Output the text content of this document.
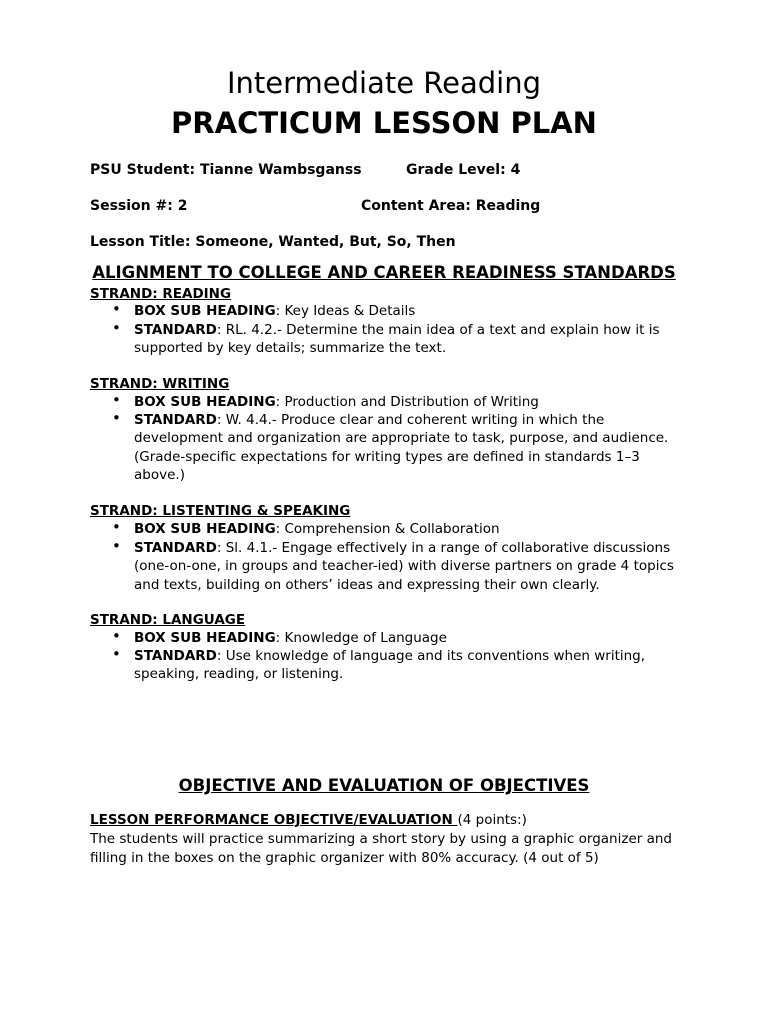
Intermediate Reading
PRACTICUM LESSON PLAN
PSU Student: Tianne Wambsganss	Grade Level: 4
Session #: 2	Content Area: Reading
Lesson Title: Someone, Wanted, But, So, Then
ALIGNMENT TO COLLEGE AND CAREER READINESS STANDARDS
STRAND: READING
• BOX SUB HEADING: Key Ideas & Details
• STANDARD: RL. 4.2.- Determine the main idea of a text and explain how it is supported by key details; summarize the text.
STRAND: WRITING
• BOX SUB HEADING: Production and Distribution of Writing
• STANDARD: W. 4.4.- Produce clear and coherent writing in which the development and organization are appropriate to task, purpose, and audience. (Grade-specific expectations for writing types are defined in standards 1–3 above.)
STRAND: LISTENTING & SPEAKING
• BOX SUB HEADING: Comprehension & Collaboration
• STANDARD: Sl. 4.1.- Engage effectively in a range of collaborative discussions (one-on-one, in groups and teacher-ied) with diverse partners on grade 4 topics and texts, building on others’ ideas and expressing their own clearly.
STRAND: LANGUAGE
• BOX SUB HEADING: Knowledge of Language
• STANDARD: Use knowledge of language and its conventions when writing, speaking, reading, or listening.
OBJECTIVE AND EVALUATION OF OBJECTIVES
LESSON PERFORMANCE OBJECTIVE/EVALUATION (4 points:)
The students will practice summarizing a short story by using a graphic organizer and filling in the boxes on the graphic organizer with 80% accuracy. (4 out of 5)
